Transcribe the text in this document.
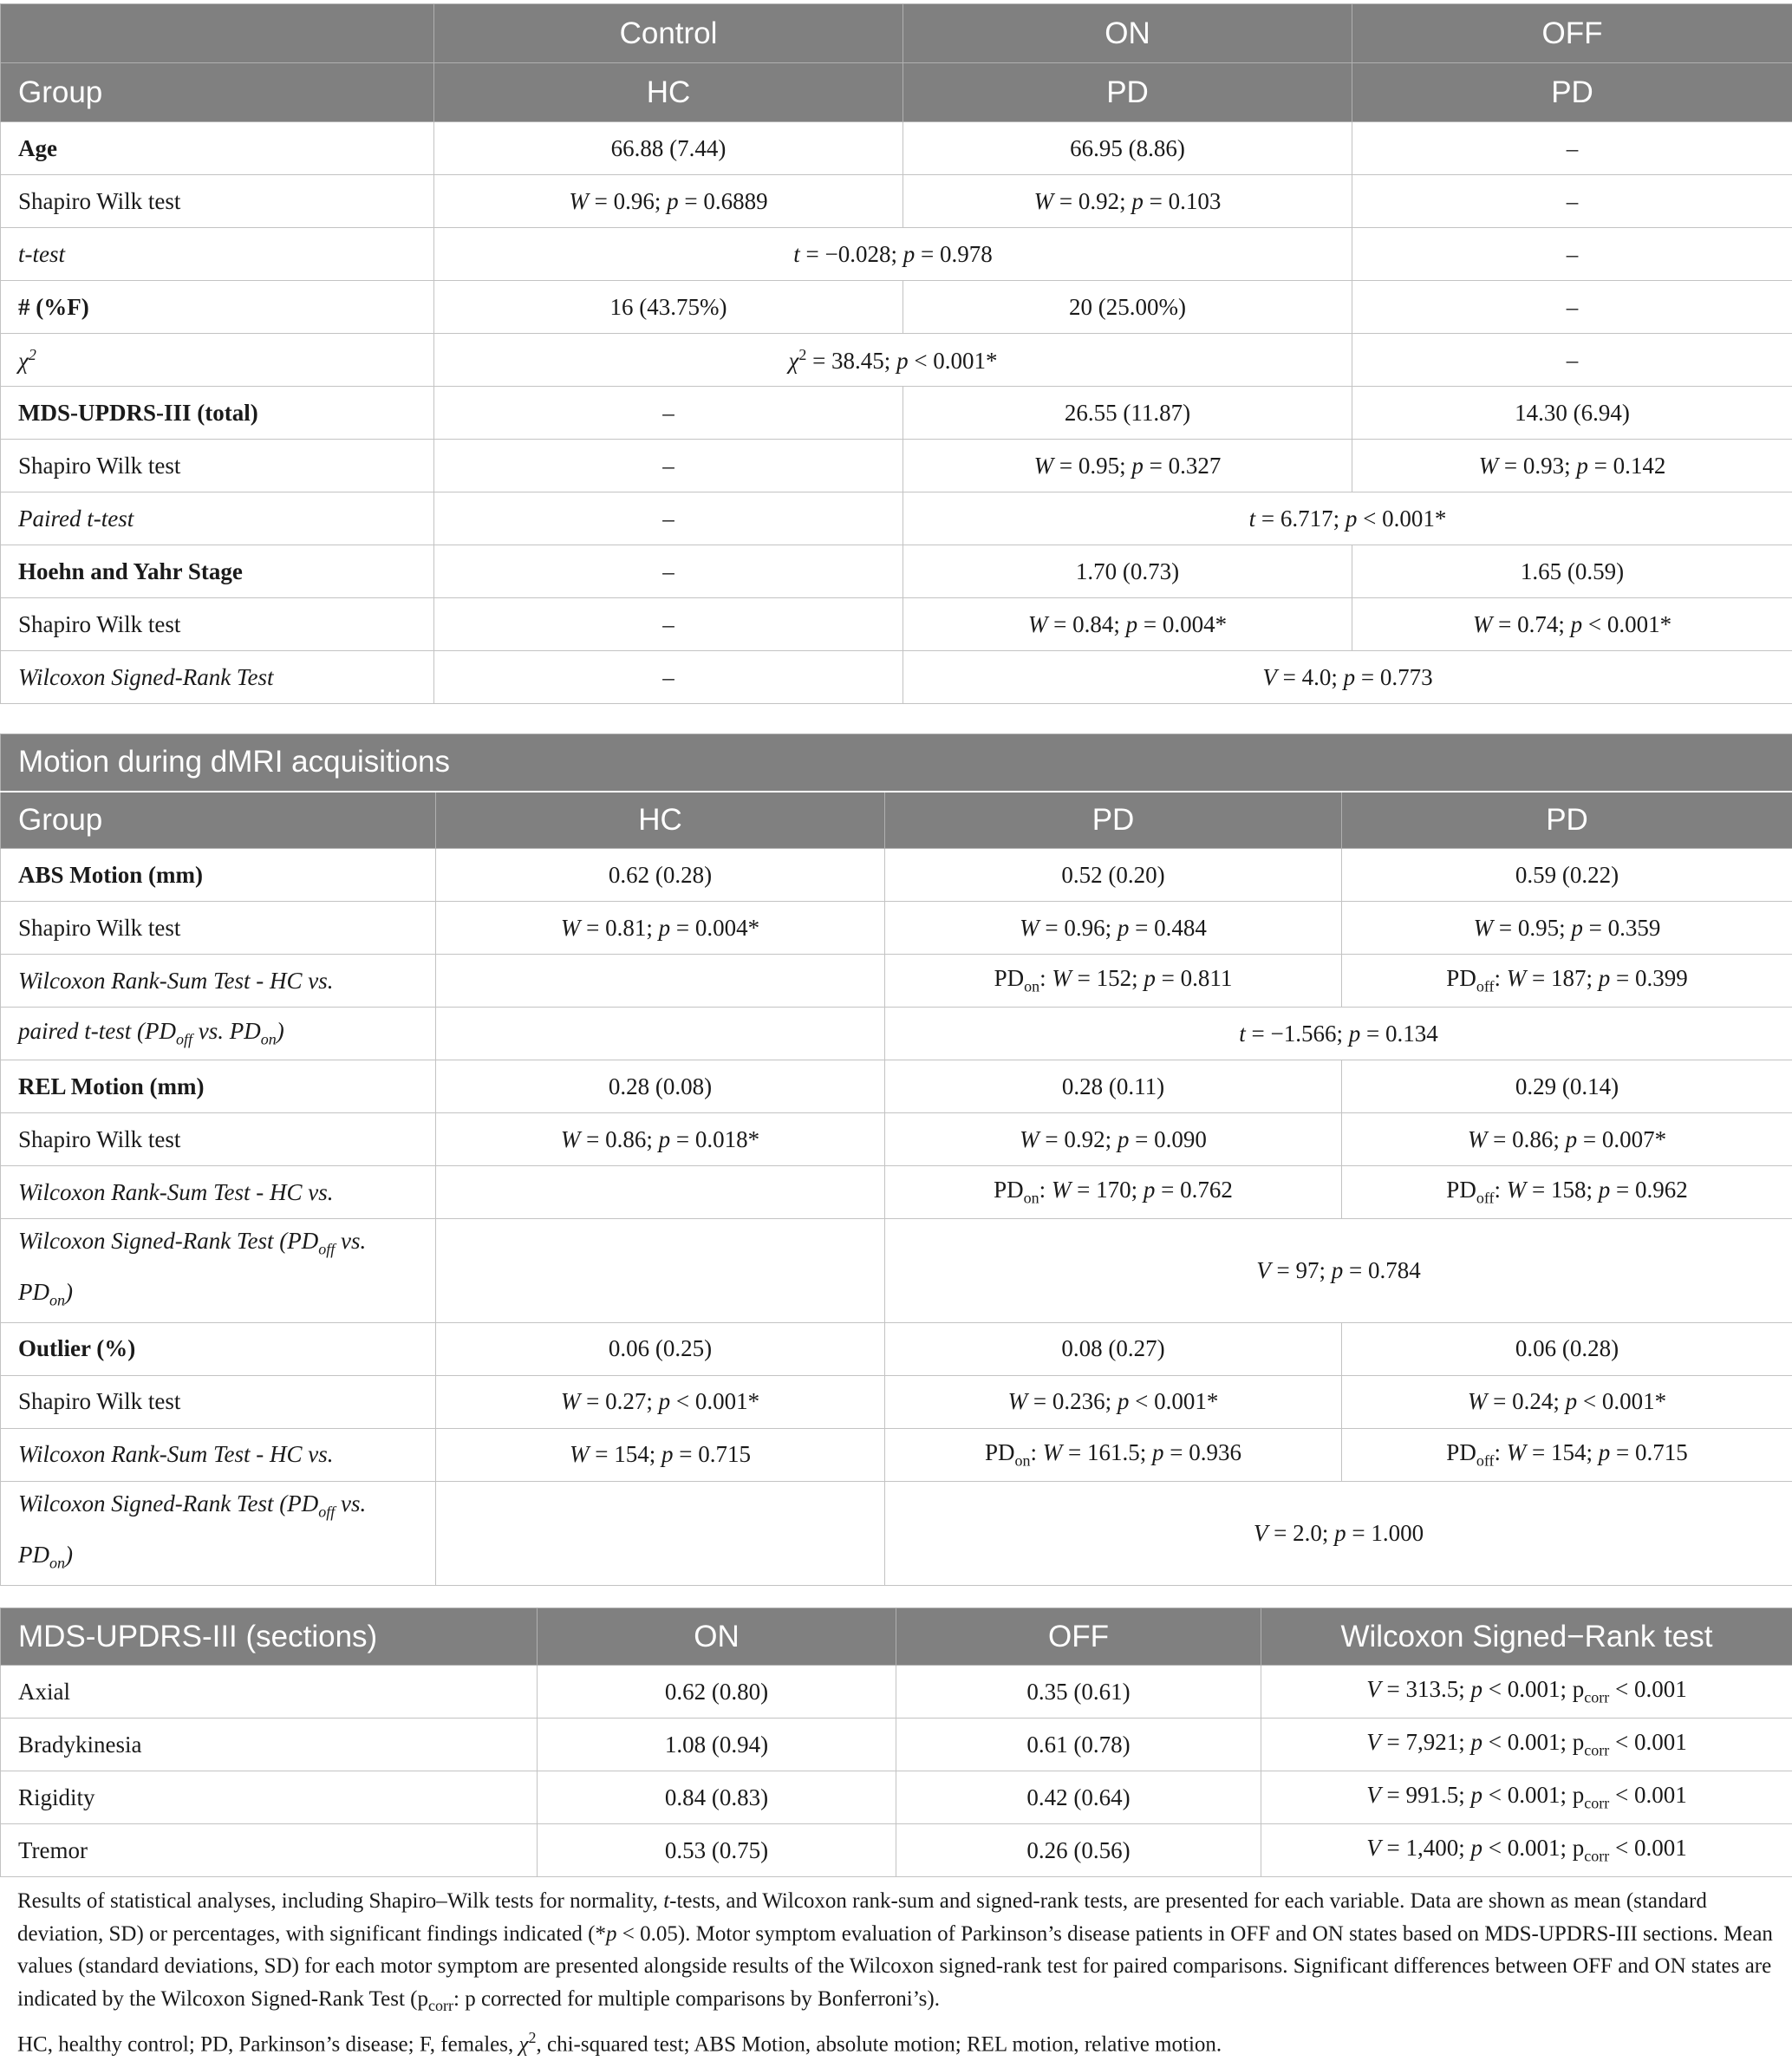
	Control	ON	OFF
Group	HC	PD	PD
Age	66.88 (7.44)	66.95 (8.86)	–
Shapiro Wilk test	W = 0.96; p = 0.6889	W = 0.92; p = 0.103	–
t-test	t = −0.028; p = 0.978		–
# (%F)	16 (43.75%)	20 (25.00%)	–
$\chi^2$	$\chi^2 = 38.45$; p < 0.001*		–
MDS-UPDRS-III (total)	–	26.55 (11.87)	14.30 (6.94)
Shapiro Wilk test	–	W = 0.95; p = 0.327	W = 0.93; p = 0.142
Paired t-test	–	t = 6.717; p < 0.001*	
Hoehn and Yahr Stage	–	1.70 (0.73)	1.65 (0.59)
Shapiro Wilk test	–	W = 0.84; p = 0.004*	W = 0.74; p < 0.001*
Wilcoxon Signed-Rank Test	–	V = 4.0; p = 0.773	
Motion during dMRI acquisitions			
Group	HC	PD	PD
ABS Motion (mm)	0.62 (0.28)	0.52 (0.20)	0.59 (0.22)
Shapiro Wilk test	W = 0.81; p = 0.004*	W = 0.96; p = 0.484	W = 0.95; p = 0.359
Wilcoxon Rank-Sum Test - HC vs.		$PD_{on}$: W = 152; p = 0.811	$PD_{off}$: W = 187; p = 0.399
paired t-test ($PD_{off}$ vs. $PD_{on}$)		t = −1.566; p = 0.134	
REL Motion (mm)	0.28 (0.08)	0.28 (0.11)	0.29 (0.14)
Shapiro Wilk test	W = 0.86; p = 0.018*	W = 0.92; p = 0.090	W = 0.86; p = 0.007*
Wilcoxon Rank-Sum Test - HC vs.		$PD_{on}$: W = 170; p = 0.762	$PD_{off}$: W = 158; p = 0.962
Wilcoxon Signed-Rank Test ($PD_{off}$ vs. $PD_{on}$)		V = 97; p = 0.784	
Outlier (%)	0.06 (0.25)	0.08 (0.27)	0.06 (0.28)
Shapiro Wilk test	W = 0.27; p < 0.001*	W = 0.236; p < 0.001*	W = 0.24; p < 0.001*
Wilcoxon Rank-Sum Test - HC vs.	W = 154; p = 0.715	$PD_{on}$: W = 161.5; p = 0.936	$PD_{off}$: W = 154; p = 0.715
Wilcoxon Signed-Rank Test ($PD_{off}$ vs. $PD_{on}$)		V = 2.0; p = 1.000	
MDS-UPDRS-III (sections)	ON	OFF	Wilcoxon Signed−Rank test
Axial	0.62 (0.80)	0.35 (0.61)	V = 313.5; p < 0.001; $p_{corr} < 0.001$
Bradykinesia	1.08 (0.94)	0.61 (0.78)	V = 7,921; p < 0.001; $p_{corr} < 0.001$
Rigidity	0.84 (0.83)	0.42 (0.64)	V = 991.5; p < 0.001; $p_{corr} < 0.001$
Tremor	0.53 (0.75)	0.26 (0.56)	V = 1,400; p < 0.001; $p_{corr} < 0.001$

Results of statistical analyses, including Shapiro–Wilk tests for normality, t-tests, and Wilcoxon rank-sum and signed-rank tests, are presented for each variable. Data are shown as mean (standard deviation, SD) or percentages, with significant findings indicated (*p < 0.05). Motor symptom evaluation of Parkinson’s disease patients in OFF and ON states based on MDS-UPDRS-III sections. Mean values (standard deviations, SD) for each motor symptom are presented alongside results of the Wilcoxon signed-rank test for paired comparisons. Significant differences between OFF and ON states are indicated by the Wilcoxon Signed-Rank Test ($p_{corr}$: p corrected for multiple comparisons by Bonferroni’s).

HC, healthy control; PD, Parkinson’s disease; F, females, $\chi^2$, chi-squared test; ABS Motion, absolute motion; REL motion, relative motion.
